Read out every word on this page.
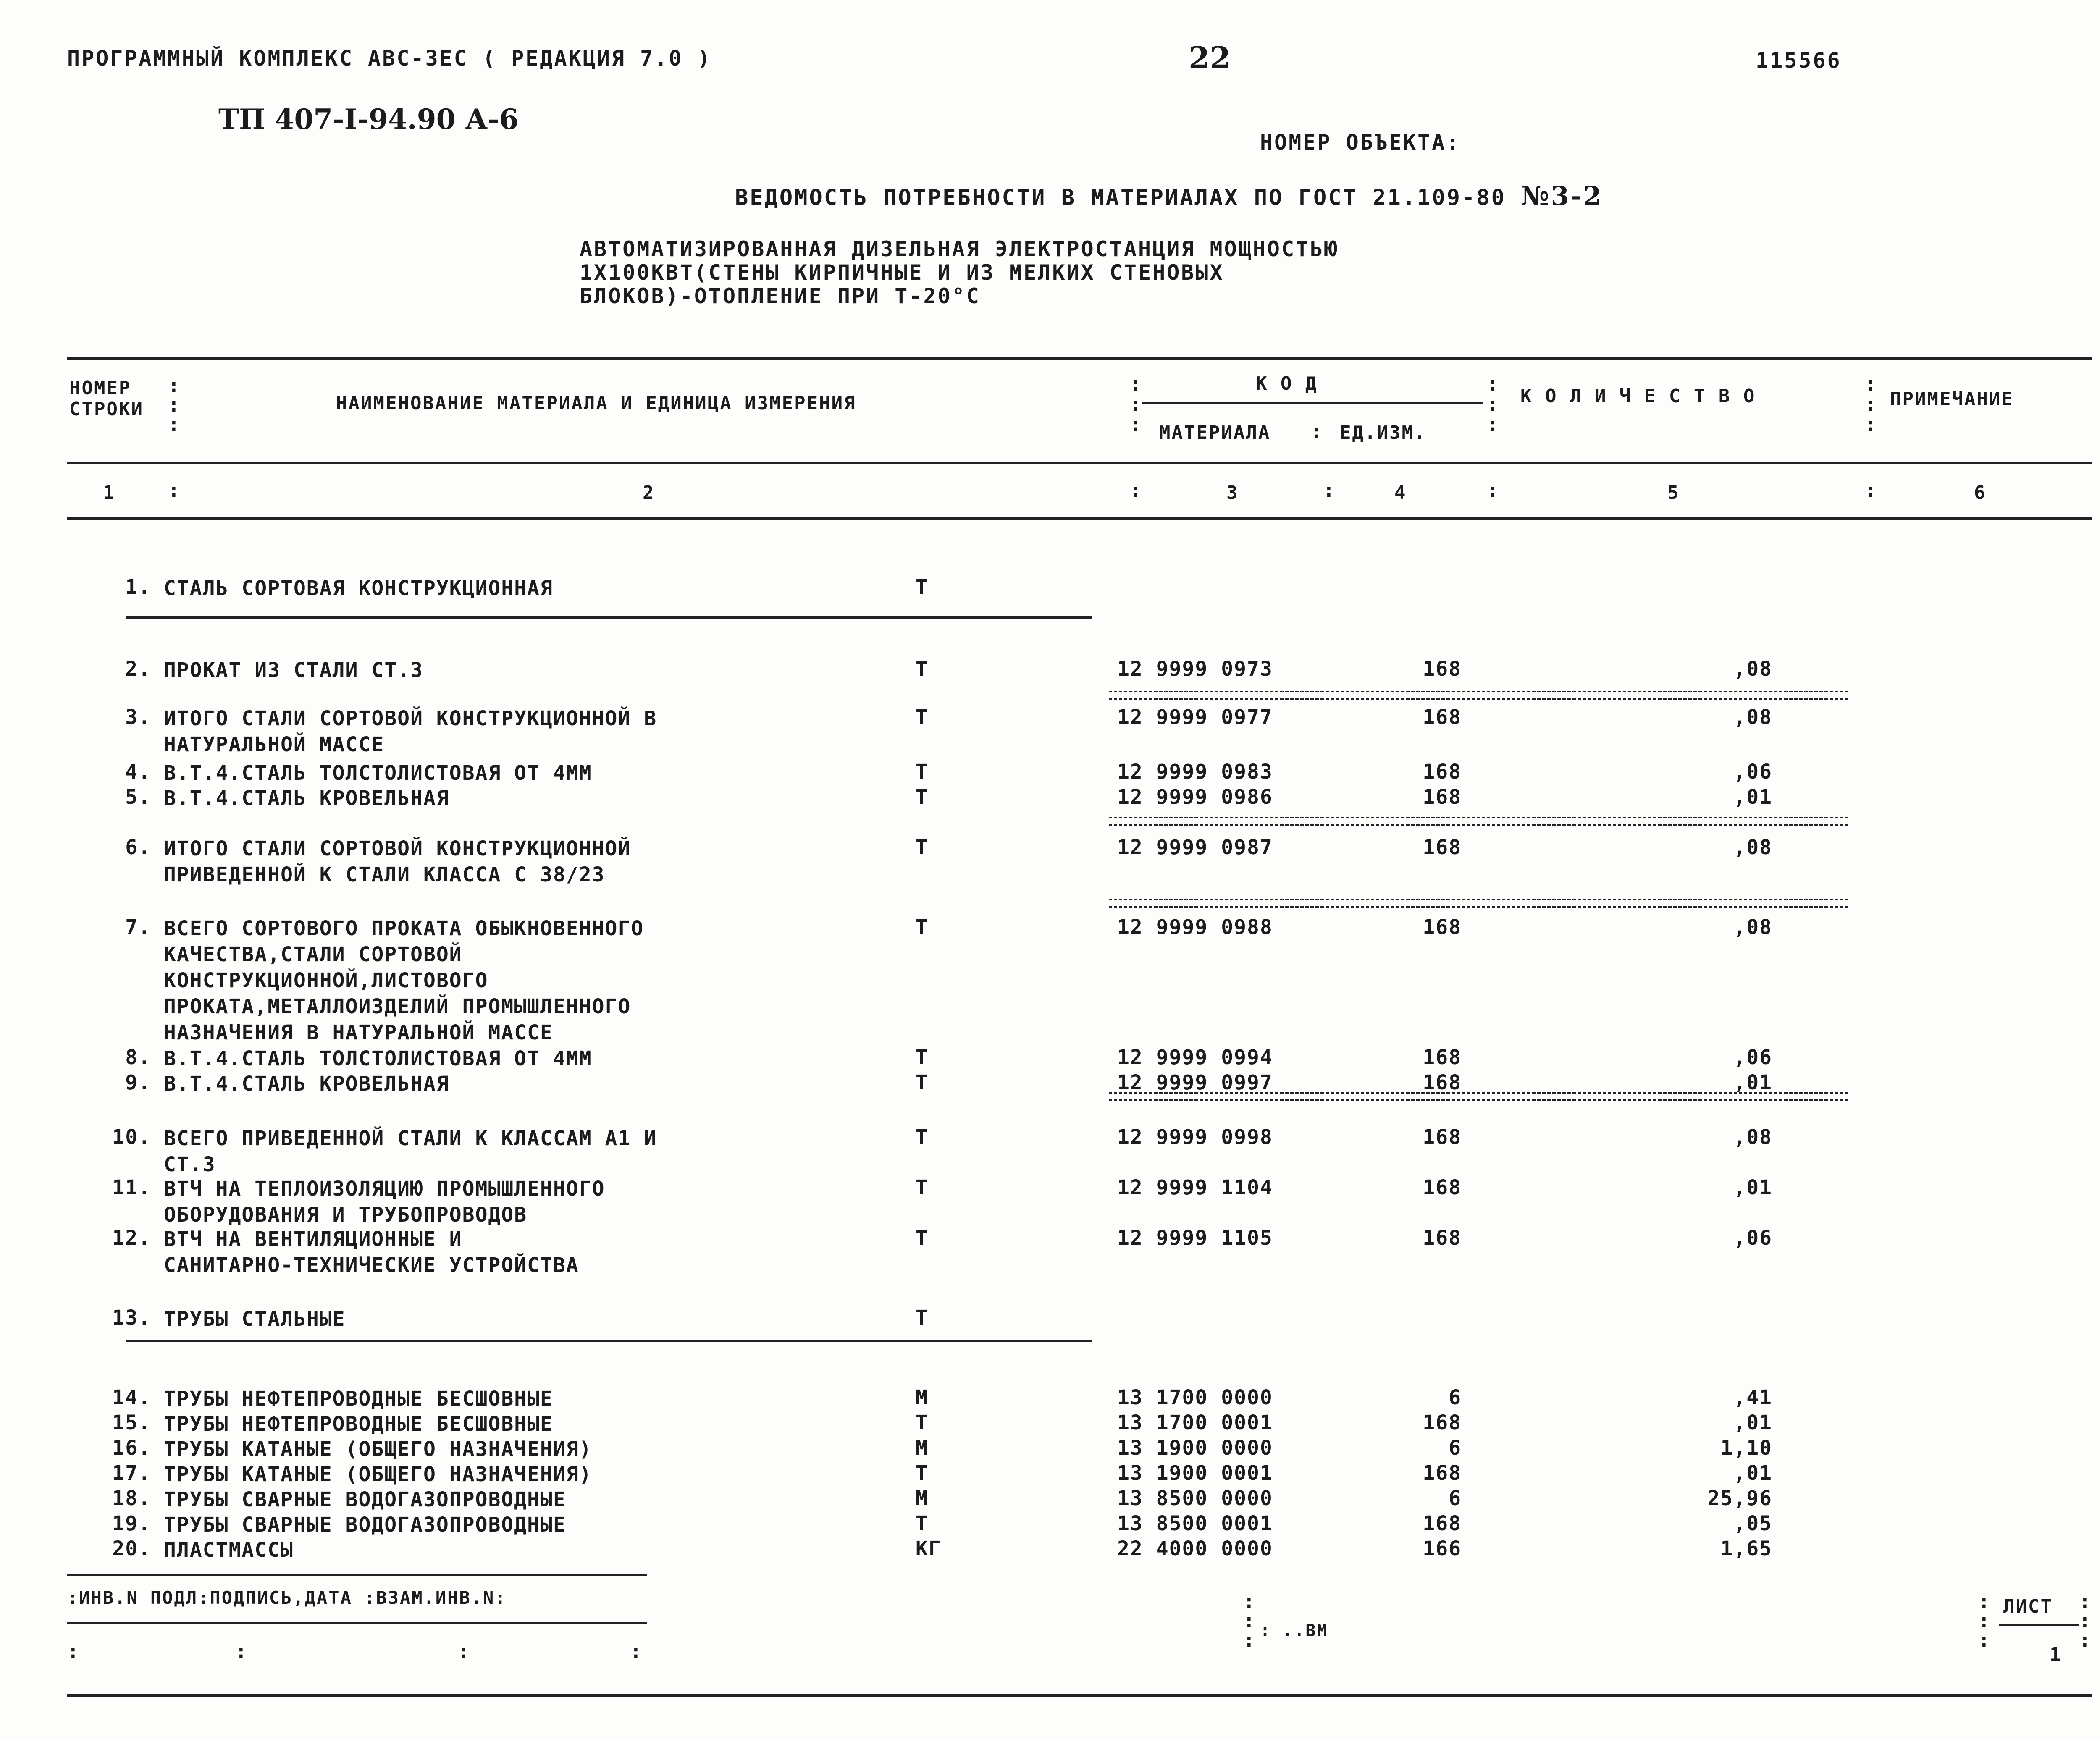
ПРОГРАММНЫЙ КОМПЛЕКС АВС-ЗЕС ( РЕДАКЦИЯ 7.0 )	22	115566
ТП 407-I-94.90 А-6
НОМЕР ОБЪЕКТА:
ВЕДОМОСТЬ ПОТРЕБНОСТИ В МАТЕРИАЛАХ ПО ГОСТ 21.109-80 №3-2
АВТОМАТИЗИРОВАННАЯ ДИЗЕЛЬНАЯ ЭЛЕКТРОСТАНЦИЯ МОЩНОСТЬЮ
1Х100КВТ(СТЕНЫ КИРПИЧНЫЕ И ИЗ МЕЛКИХ СТЕНОВЫХ
БЛОКОВ)-ОТОПЛЕНИЕ ПРИ Т-20°С
НОМЕР
СТРОКИ
:
:
:
НАИМЕНОВАНИЕ МАТЕРИАЛА И ЕДИНИЦА ИЗМЕРЕНИЯ
:
:
:
К О Д
МАТЕРИАЛА : ЕД.ИЗМ.
:
:
:
К О Л И Ч Е С Т В О
:
:
:
ПРИМЕЧАНИЕ
1	:	2	:	3	:	4	:	5	:	6
1. СТАЛЬ СОРТОВАЯ КОНСТРУКЦИОННАЯ	Т
2. ПРОКАТ ИЗ СТАЛИ СТ.3	Т	12 9999 0973	168	,08
3. ИТОГО СТАЛИ СОРТОВОЙ КОНСТРУКЦИОННОЙ В
НАТУРАЛЬНОЙ МАССЕ
Т	12 9999 0977	168	,08
4. В.Т.4.СТАЛЬ ТОЛСТОЛИСТОВАЯ ОТ 4ММ	Т	12 9999 0983	168	,06
5. В.Т.4.СТАЛЬ КРОВЕЛЬНАЯ	Т	12 9999 0986	168	,01
6. ИТОГО СТАЛИ СОРТОВОЙ КОНСТРУКЦИОННОЙ
ПРИВЕДЕННОЙ К СТАЛИ КЛАССА С 38/23
Т	12 9999 0987	168	,08
7. ВСЕГО СОРТОВОГО ПРОКАТА ОБЫКНОВЕННОГО
КАЧЕСТВА,СТАЛИ СОРТОВОЙ
КОНСТРУКЦИОННОЙ,ЛИСТОВОГО
ПРОКАТА,МЕТАЛЛОИЗДЕЛИЙ ПРОМЫШЛЕННОГО
НАЗНАЧЕНИЯ В НАТУРАЛЬНОЙ МАССЕ
Т	12 9999 0988	168	,08
8. В.Т.4.СТАЛЬ ТОЛСТОЛИСТОВАЯ ОТ 4ММ	Т	12 9999 0994	168	,06
9. В.Т.4.СТАЛЬ КРОВЕЛЬНАЯ	Т	12 9999 0997	168	,01
10. ВСЕГО ПРИВЕДЕННОЙ СТАЛИ К КЛАССАМ А1 И
СТ.3
Т	12 9999 0998	168	,08
11. ВТЧ НА ТЕПЛОИЗОЛЯЦИЮ ПРОМЫШЛЕННОГО
ОБОРУДОВАНИЯ И ТРУБОПРОВОДОВ
Т	12 9999 1104	168	,01
12. ВТЧ НА ВЕНТИЛЯЦИОННЫЕ И
САНИТАРНО-ТЕХНИЧЕСКИЕ УСТРОЙСТВА
Т	12 9999 1105	168	,06
13. ТРУБЫ СТАЛЬНЫЕ	Т
14. ТРУБЫ НЕФТЕПРОВОДНЫЕ БЕСШОВНЫЕ	М	13 1700 0000	6	,41
15. ТРУБЫ НЕФТЕПРОВОДНЫЕ БЕСШОВНЫЕ	Т	13 1700 0001	168	,01
16. ТРУБЫ КАТАНЫЕ (ОБЩЕГО НАЗНАЧЕНИЯ)	М	13 1900 0000	6	1,10
17. ТРУБЫ КАТАНЫЕ (ОБЩЕГО НАЗНАЧЕНИЯ)	Т	13 1900 0001	168	,01
18. ТРУБЫ СВАРНЫЕ ВОДОГАЗОПРОВОДНЫЕ	М	13 8500 0000	6	25,96
19. ТРУБЫ СВАРНЫЕ ВОДОГАЗОПРОВОДНЫЕ	Т	13 8500 0001	168	,05
20. ПЛАСТМАССЫ	КГ	22 4000 0000	166	1,65
:ИНВ.N ПОДЛ:ПОДПИСЬ,ДАТА :ВЗАМ.ИНВ.N:
:	:	:	:
:
:
: : ..ВМ
:
:
:
ЛИСТ :
:
:
1
